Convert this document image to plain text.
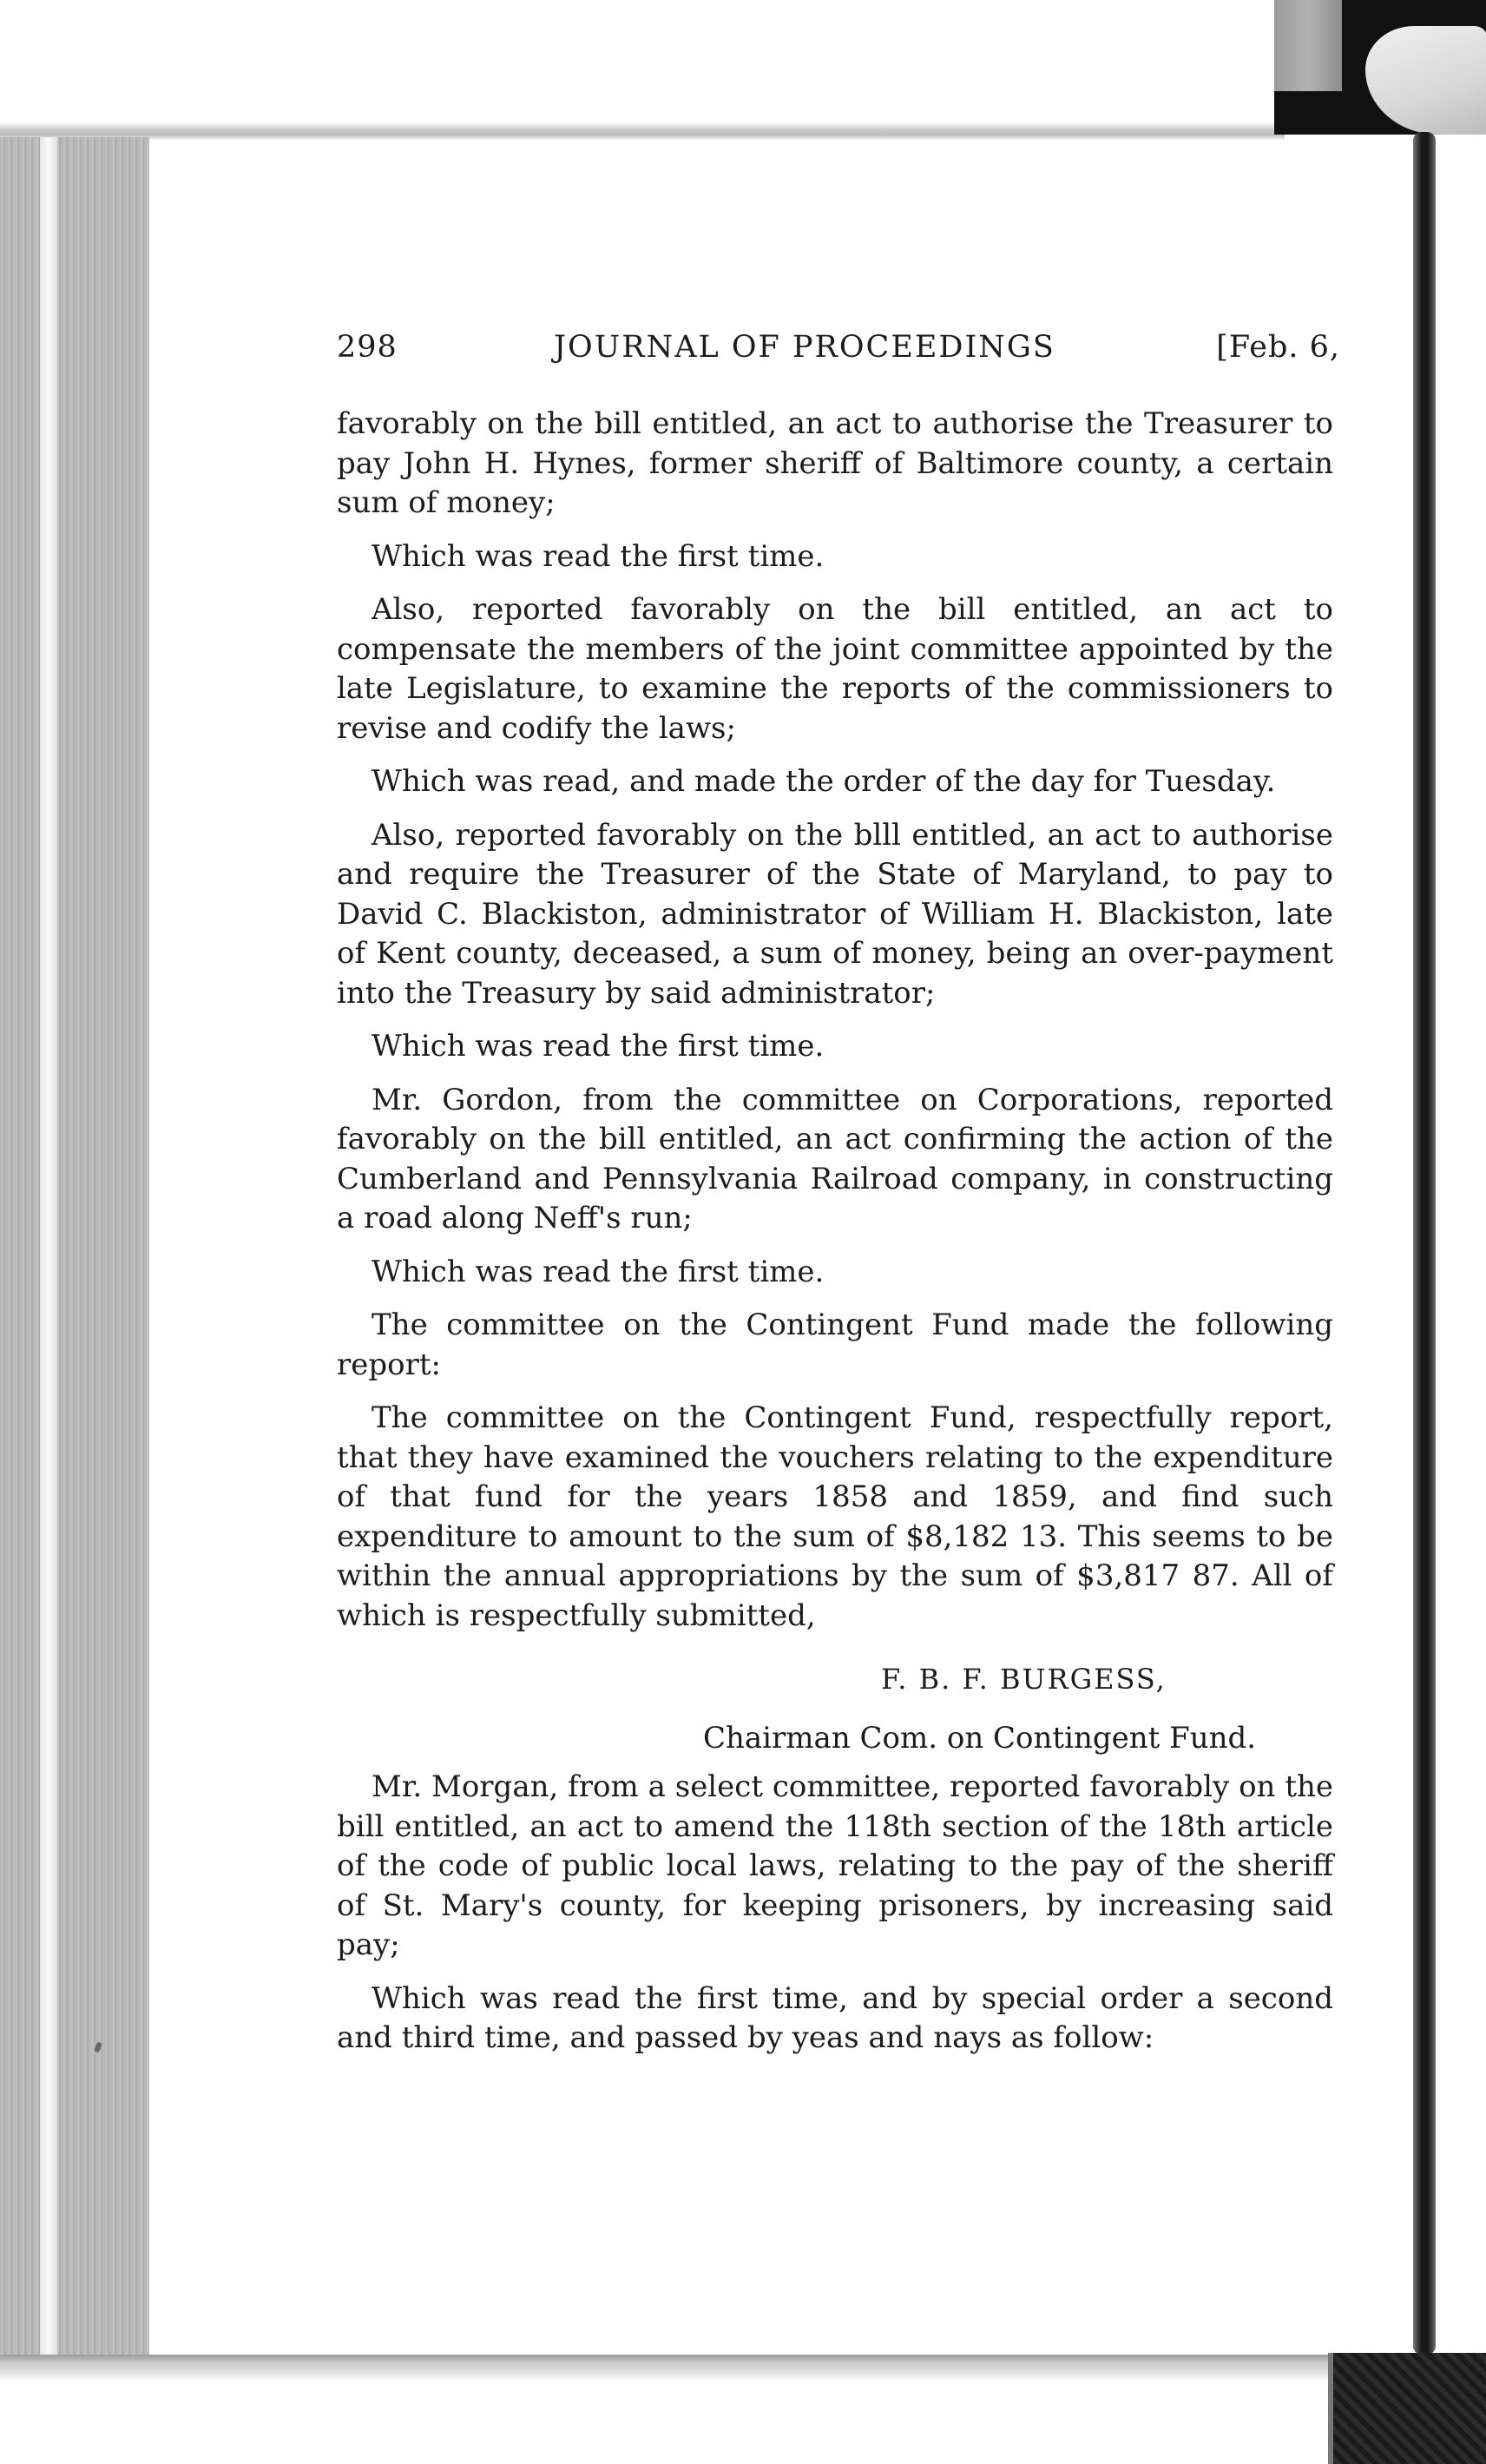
298	JOURNAL OF PROCEEDINGS	[Feb. 6,

favorably on the bill entitled, an act to authorise the Treasurer to pay John H. Hynes, former sheriff of Baltimore county, a certain sum of money;

Which was read the first time.

Also, reported favorably on the bill entitled, an act to compensate the members of the joint committee appointed by the late Legislature, to examine the reports of the commissioners to revise and codify the laws;

Which was read, and made the order of the day for Tuesday.

Also, reported favorably on the blll entitled, an act to authorise and require the Treasurer of the State of Maryland, to pay to David C. Blackiston, administrator of William H. Blackiston, late of Kent county, deceased, a sum of money, being an over-payment into the Treasury by said administrator;

Which was read the first time.

Mr. Gordon, from the committee on Corporations, reported favorably on the bill entitled, an act confirming the action of the Cumberland and Pennsylvania Railroad company, in constructing a road along Neff's run;

Which was read the first time.

The committee on the Contingent Fund made the following report:

The committee on the Contingent Fund, respectfully report, that they have examined the vouchers relating to the expenditure of that fund for the years 1858 and 1859, and find such expenditure to amount to the sum of $8,182 13. This seems to be within the annual appropriations by the sum of $3,817 87. All of which is respectfully submitted,

F. B. F. BURGESS,
Chairman Com. on Contingent Fund.

Mr. Morgan, from a select committee, reported favorably on the bill entitled, an act to amend the 118th section of the 18th article of the code of public local laws, relating to the pay of the sheriff of St. Mary's county, for keeping prisoners, by increasing said pay;

Which was read the first time, and by special order a second and third time, and passed by yeas and nays as follow:
